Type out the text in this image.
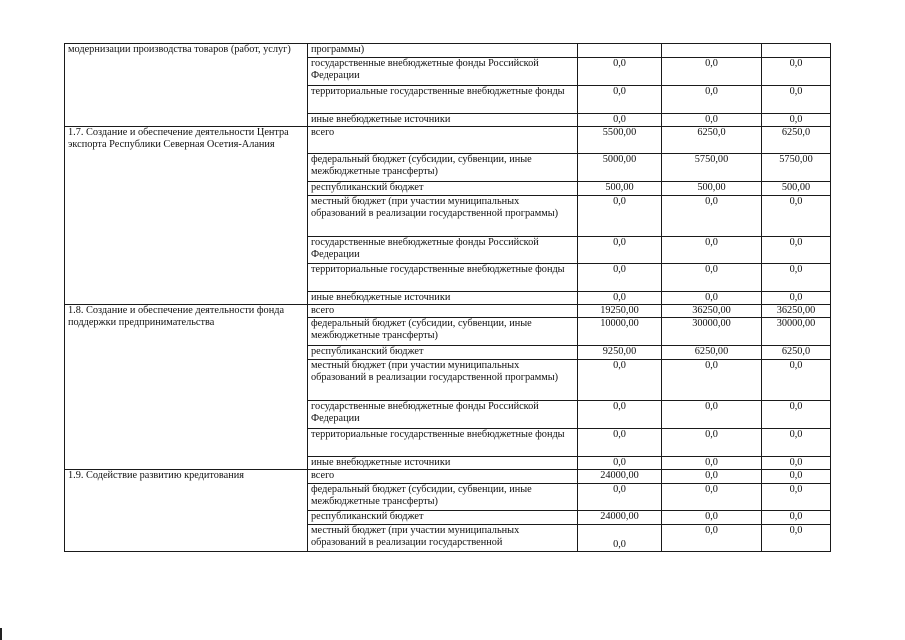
модернизации производства товаров (работ, услуг)	программы)			
	государственные внебюджетные фонды Российской Федерации	0,0	0,0	0,0
	территориальные государственные внебюджетные фонды	0,0	0,0	0,0
	иные внебюджетные источники	0,0	0,0	0,0
1.7. Создание и обеспечение деятельности Центра экспорта Республики Северная Осетия-Алания	всего	5500,00	6250,0	6250,0
	федеральный бюджет (субсидии, субвенции, иные межбюджетные трансферты)	5000,00	5750,00	5750,00
	республиканский бюджет	500,00	500,00	500,00
	местный бюджет (при участии муниципальных образований в реализации государственной программы)	0,0	0,0	0,0
	государственные внебюджетные фонды Российской Федерации	0,0	0,0	0,0
	территориальные государственные внебюджетные фонды	0,0	0,0	0,0
	иные внебюджетные источники	0,0	0,0	0,0
1.8. Создание и обеспечение деятельности фонда поддержки предпринимательства	всего	19250,00	36250,00	36250,00
	федеральный бюджет (субсидии, субвенции, иные межбюджетные трансферты)	10000,00	30000,00	30000,00
	республиканский бюджет	9250,00	6250,00	6250,0
	местный бюджет (при участии муниципальных образований в реализации государственной программы)	0,0	0,0	0,0
	государственные внебюджетные фонды Российской Федерации	0,0	0,0	0,0
	территориальные государственные внебюджетные фонды	0,0	0,0	0,0
	иные внебюджетные источники	0,0	0,0	0,0
1.9. Содействие развитию кредитования	всего	24000,00	0,0	0,0
	федеральный бюджет (субсидии, субвенции, иные межбюджетные трансферты)	0,0	0,0	0,0
	республиканский бюджет	24000,00	0,0	0,0
	местный бюджет (при участии муниципальных образований в реализации государственной	0,0	0,0	0,0
